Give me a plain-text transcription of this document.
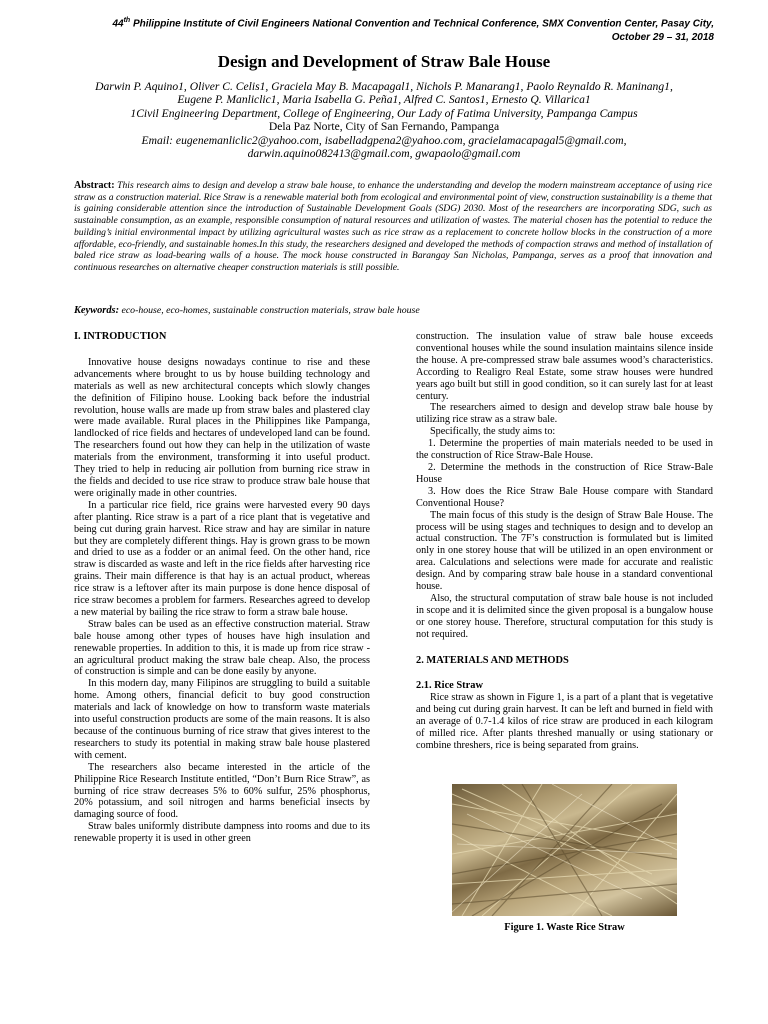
44th Philippine Institute of Civil Engineers National Convention and Technical Conference, SMX Convention Center, Pasay City,
October 29 – 31, 2018
Design and Development of Straw Bale House
Darwin P. Aquino1, Oliver C. Celis1, Graciela May B. Macapagal1, Nichols P. Manarang1, Paolo Reynaldo R. Maninang1,
Eugene P. Manliclic1, Maria Isabella G. Peña1, Alfred C. Santos1, Ernesto Q. Villarica1
1Civil Engineering Department, College of Engineering, Our Lady of Fatima University, Pampanga Campus
Dela Paz Norte, City of San Fernando, Pampanga
Email: eugenemanliclic2@yahoo.com, isabelladgpena2@yahoo.com, gracielamacapagal5@gmail.com,
darwin.aquino082413@gmail.com, gwapaolo@gmail.com
Abstract: This research aims to design and develop a straw bale house, to enhance the understanding and develop the modern mainstream acceptance of using rice straw as a construction material. Rice Straw is a renewable material both from ecological and environmental point of view, construction sustainability is a theme that is gaining considerable attention since the introduction of Sustainable Development Goals (SDG) 2030. Most of the researchers are incorporating SDG, such as sustainable consumption, as an example, responsible consumption of natural resources and utilization of wastes. The material chosen has the potential to reduce the building’s initial environmental impact by utilizing agricultural wastes such as rice straw as a replacement to concrete hollow blocks in the construction of a more affordable, eco-friendly, and sustainable homes.In this study, the researchers designed and developed the methods of compaction straws and method of installation of baled rice straw as load-bearing walls of a house. The mock house constructed in Barangay San Nicholas, Pampanga, serves as a proof that innovation and continuous researches on alternative cheaper construction materials is still possible.
Keywords: eco-house, eco-homes, sustainable construction materials, straw bale house
I. INTRODUCTION

Innovative house designs nowadays continue to rise and these advancements where brought to us by house building technology and materials as well as new architectural concepts which slowly changes the definition of Filipino house. Looking back before the industrial revolution, house walls are made up from straw bales and plastered clay were made available. Rural places in the Philippines like Pampanga, landlocked of rice fields and hectares of undeveloped land can be found. The researchers found out how they can help in the utilization of waste materials from the environment, transforming it into useful product. They tried to help in reducing air pollution from burning rice straw in the fields and decided to use rice straw to produce straw bale house that were originally made in other countries.

In a particular rice field, rice grains were harvested every 90 days after planting. Rice straw is a part of a rice plant that is vegetative and being cut during grain harvest. Rice straw and hay are similar in nature but they are completely different things. Hay is grown grass to be mown and dried to use as a fodder or an animal feed. On the other hand, rice straw is discarded as waste and left in the rice fields after harvesting rice grains. Their main difference is that hay is an actual product, whereas rice straw is a leftover after its main purpose is done hence disposal of rice straw becomes a problem for farmers. Researches agreed to develop a new material by bailing the rice straw to form a straw bale house.

Straw bales can be used as an effective construction material. Straw bale house among other types of houses have high insulation and renewable properties. In addition to this, it is made up from rice straw - an agricultural product making the straw bale cheap. Also, the process of construction is simple and can be done easily by anyone.

In this modern day, many Filipinos are struggling to build a suitable home. Among others, financial deficit to buy good construction materials and lack of knowledge on how to transform waste materials into useful construction products are some of the main reasons. It is also because of the continuous burning of rice straw that gives interest to the researchers to study its potential in making straw bale house plastered with cement.

The researchers also became interested in the article of the Philippine Rice Research Institute entitled, “Don’t Burn Rice Straw”, as burning of rice straw decreases 5% to 60% sulfur, 25% phosphorus, 20% potassium, and soil nitrogen and harms beneficial insects by damaging source of food.

Straw bales uniformly distribute dampness into rooms and due to its renewable property it is used in other green

construction. The insulation value of straw bale house exceeds conventional houses while the sound insulation maintains silence inside the house. A pre-compressed straw bale assumes wood’s characteristics. According to Realigro Real Estate, some straw houses were hundred years ago built but still in good condition, so it can surely last for at least century.

The researchers aimed to design and develop straw bale house by utilizing rice straw as a straw bale.

Specifically, the study aims to:

1. Determine the properties of main materials needed to be used in the construction of Rice Straw-Bale House.

2. Determine the methods in the construction of Rice Straw-Bale House

3. How does the Rice Straw Bale House compare with Standard Conventional House?

The main focus of this study is the design of Straw Bale House. The process will be using stages and techniques to design and to develop an actual construction. The 7F’s construction is formulated but is limited only in one storey house that will be utilized in an open environment or area. Calculations and selections were made for accurate and realistic design. And by comparing straw bale house in a standard conventional house.

Also, the structural computation of straw bale house is not included in scope and it is delimited since the given proposal is a bungalow house or one storey house. Therefore, structural computation for this study is not required.

2. MATERIALS AND METHODS
2.1. Rice Straw

Rice straw as shown in Figure 1, is a part of a plant that is vegetative and being cut during grain harvest. It can be left and burned in field with an average of 0.7-1.4 kilos of rice straw are produced in each kilogram of milled rice. After plants threshed manually or using stationary or combine threshers, rice is being separated from grains.

Figure 1. Waste Rice Straw
